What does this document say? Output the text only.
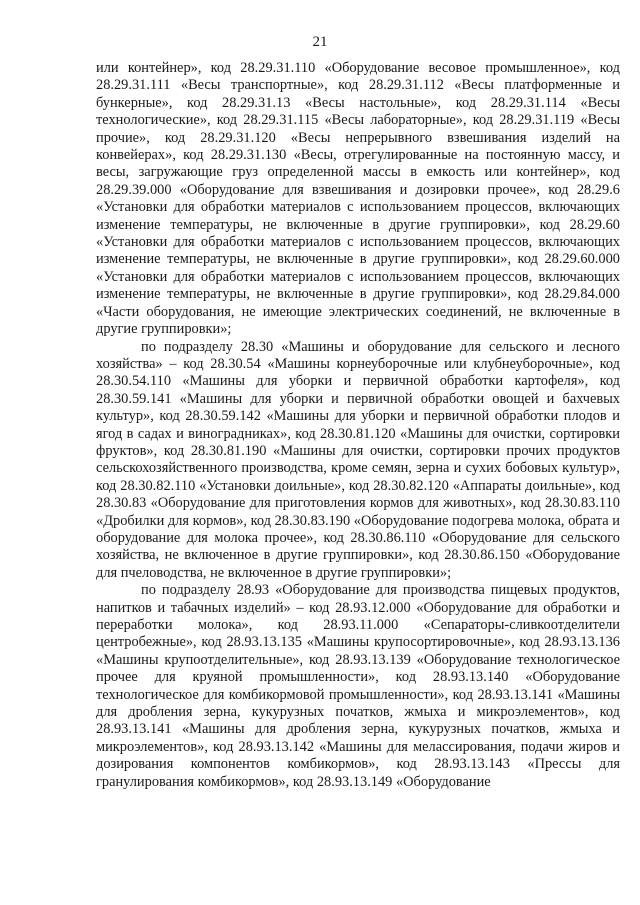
21

или контейнер», код 28.29.31.110 «Оборудование весовое промышленное», код 28.29.31.111 «Весы транспортные», код 28.29.31.112 «Весы платформенные и бункерные», код 28.29.31.13 «Весы настольные», код 28.29.31.114 «Весы технологические», код 28.29.31.115 «Весы лабораторные», код 28.29.31.119 «Весы прочие», код 28.29.31.120 «Весы непрерывного взвешивания изделий на конвейерах», код 28.29.31.130 «Весы, отрегулированные на постоянную массу, и весы, загружающие груз определенной массы в емкость или контейнер», код 28.29.39.000 «Оборудование для взвешивания и дозировки прочее», код 28.29.6 «Установки для обработки материалов с использованием процессов, включающих изменение температуры, не включенные в другие группировки», код 28.29.60 «Установки для обработки материалов с использованием процессов, включающих изменение температуры, не включенные в другие группировки», код 28.29.60.000 «Установки для обработки материалов с использованием процессов, включающих изменение температуры, не включенные в другие группировки», код 28.29.84.000 «Части оборудования, не имеющие электрических соединений, не включенные в другие группировки»;

по подразделу 28.30 «Машины и оборудование для сельского и лесного хозяйства» – код 28.30.54 «Машины корнеуборочные или клубнеуборочные», код 28.30.54.110 «Машины для уборки и первичной обработки картофеля», код 28.30.59.141 «Машины для уборки и первичной обработки овощей и бахчевых культур», код 28.30.59.142 «Машины для уборки и первичной обработки плодов и ягод в садах и виноградниках», код 28.30.81.120 «Машины для очистки, сортировки фруктов», код 28.30.81.190 «Машины для очистки, сортировки прочих продуктов сельскохозяйственного производства, кроме семян, зерна и сухих бобовых культур», код 28.30.82.110 «Установки доильные», код 28.30.82.120 «Аппараты доильные», код 28.30.83 «Оборудование для приготовления кормов для животных», код 28.30.83.110 «Дробилки для кормов», код 28.30.83.190 «Оборудование подогрева молока, обрата и оборудование для молока прочее», код 28.30.86.110 «Оборудование для сельского хозяйства, не включенное в другие группировки», код 28.30.86.150 «Оборудование для пчеловодства, не включенное в другие группировки»;

по подразделу 28.93 «Оборудование для производства пищевых продуктов, напитков и табачных изделий» – код 28.93.12.000 «Оборудование для обработки и переработки молока», код 28.93.11.000 «Сепараторы-сливкоотделители центробежные», код 28.93.13.135 «Машины крупосортировочные», код 28.93.13.136 «Машины крупоотделительные», код 28.93.13.139 «Оборудование технологическое прочее для круяной промышленности», код 28.93.13.140 «Оборудование технологическое для комбикормовой промышленности», код 28.93.13.141 «Машины для дробления зерна, кукурузных початков, жмыха и микроэлементов», код 28.93.13.141 «Машины для дробления зерна, кукурузных початков, жмыха и микроэлементов», код 28.93.13.142 «Машины для мелассирования, подачи жиров и дозирования компонентов комбикормов», код 28.93.13.143 «Прессы для гранулирования комбикормов», код 28.93.13.149 «Оборудование
